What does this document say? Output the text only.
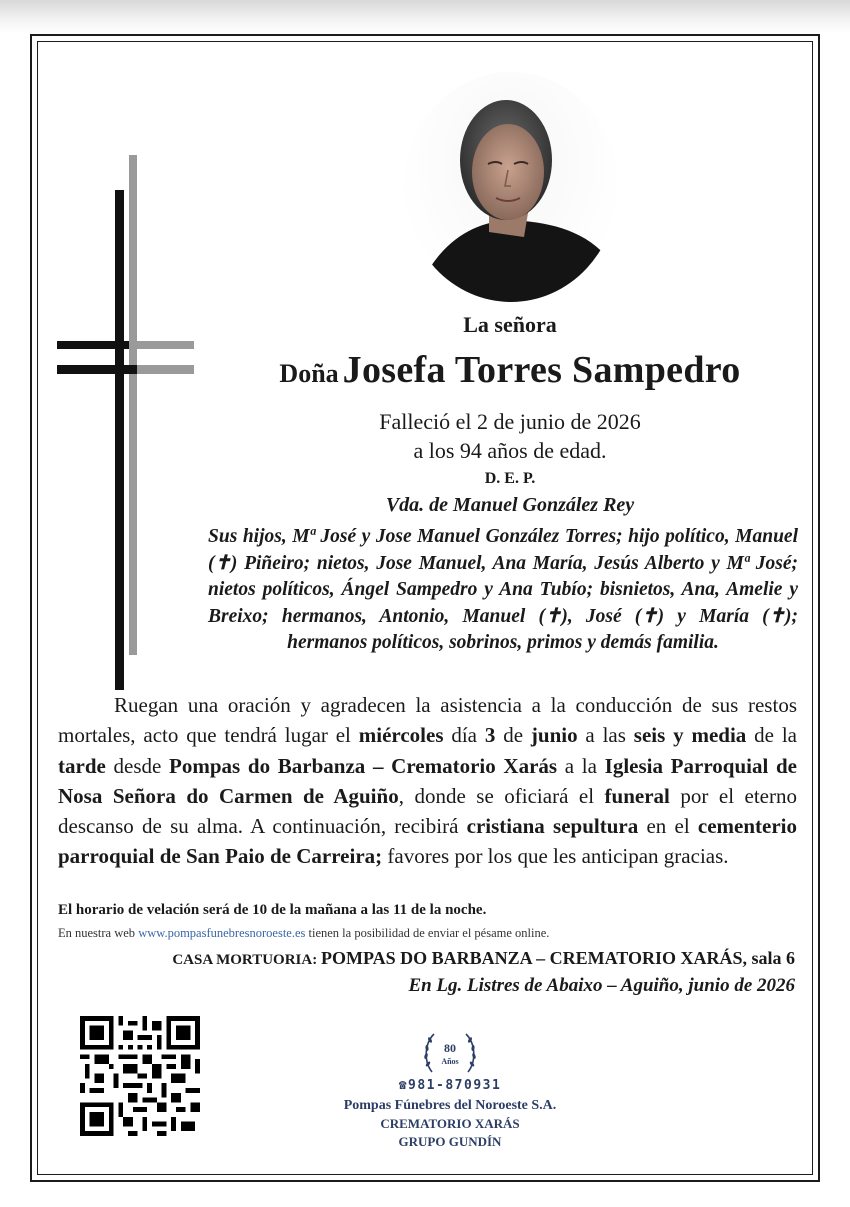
La señora
Doña Josefa Torres Sampedro
Falleció el 2 de junio de 2026
a los 94 años de edad.
D. E. P.
Vda. de Manuel González Rey
Sus hijos, Mª José y Jose Manuel González Torres; hijo político, Manuel (✝) Piñeiro; nietos, Jose Manuel, Ana María, Jesús Alberto y Mª José; nietos políticos, Ángel Sampedro y Ana Tubío; bisnietos, Ana, Amelie y Breixo; hermanos, Antonio, Manuel (✝), José (✝) y María (✝); hermanos políticos, sobrinos, primos y demás familia.
Ruegan una oración y agradecen la asistencia a la conducción de sus restos mortales, acto que tendrá lugar el miércoles día 3 de junio a las seis y media de la tarde desde Pompas do Barbanza – Crematorio Xarás a la Iglesia Parroquial de Nosa Señora do Carmen de Aguiño, donde se oficiará el funeral por el eterno descanso de su alma. A continuación, recibirá cristiana sepultura en el cementerio parroquial de San Paio de Carreira; favores por los que les anticipan gracias.
El horario de velación será de 10 de la mañana a las 11 de la noche.
En nuestra web www.pompasfunebresnoroeste.es tienen la posibilidad de enviar el pésame online.
CASA MORTUORIA: POMPAS DO BARBANZA – CREMATORIO XARÁS, sala 6
En Lg. Listres de Abaixo – Aguiño, junio de 2026
80
Años
☎981-870931
Pompas Fúnebres del Noroeste S.A.
CREMATORIO XARÁS
GRUPO GUNDÍN
